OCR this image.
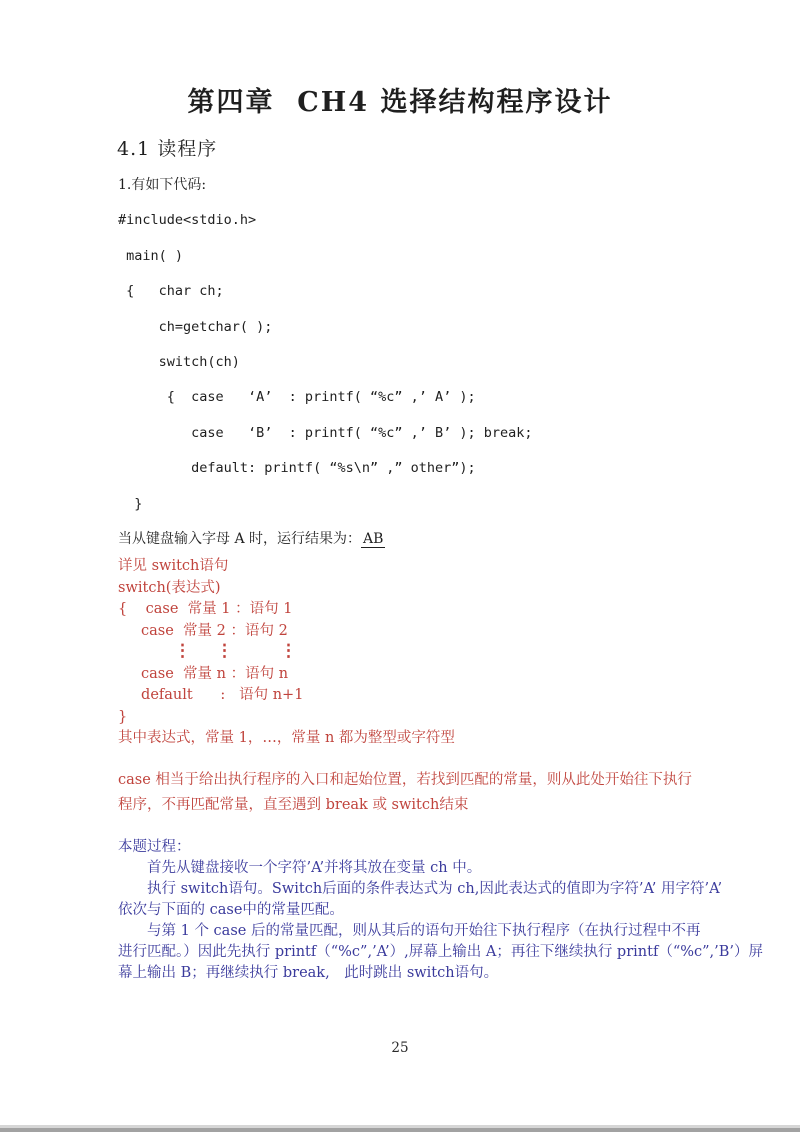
第四章  CH4 选择结构程序设计
4.1 读程序
1.有如下代码:
#include<stdio.h>
main( )
{   char ch;
ch=getchar( );
switch(ch)
{  case   ‘A’  : printf( “%c” ,’ A’ );
case   ‘B’  : printf( “%c” ,’ B’ ); break;
default: printf( “%s\n” ,” other”);
}
当从键盘输入字母 A 时，运行结果为： AB
详见 switch语句
switch(表达式)
{    case  常量 1 ：语句 1
case  常量 2 ：语句 2

⋮

⋮

	⋮

case  常量 n ：语句 n
default      :   语句 n+1
}
其中表达式，常量 1，…，常量 n 都为整型或字符型
case 相当于给出执行程序的入口和起始位置，若找到匹配的常量，则从此处开始往下执行
程序，不再匹配常量，直至遇到 break 或 switch结束
本题过程：
　　首先从键盘接收一个字符’A’并将其放在变量 ch 中。
　　执行 switch语句。Switch后面的条件表达式为 ch,因此表达式的值即为字符’A’ 用字符’A’
依次与下面的 case中的常量匹配。
　　与第 1 个 case 后的常量匹配，则从其后的语句开始往下执行程序（在执行过程中不再
进行匹配。）因此先执行 printf（“%c”,’A’）,屏幕上输出 A；再往下继续执行 printf（“%c”,’B’）屏
幕上输出 B；再继续执行 break,　此时跳出 switch语句。
25
